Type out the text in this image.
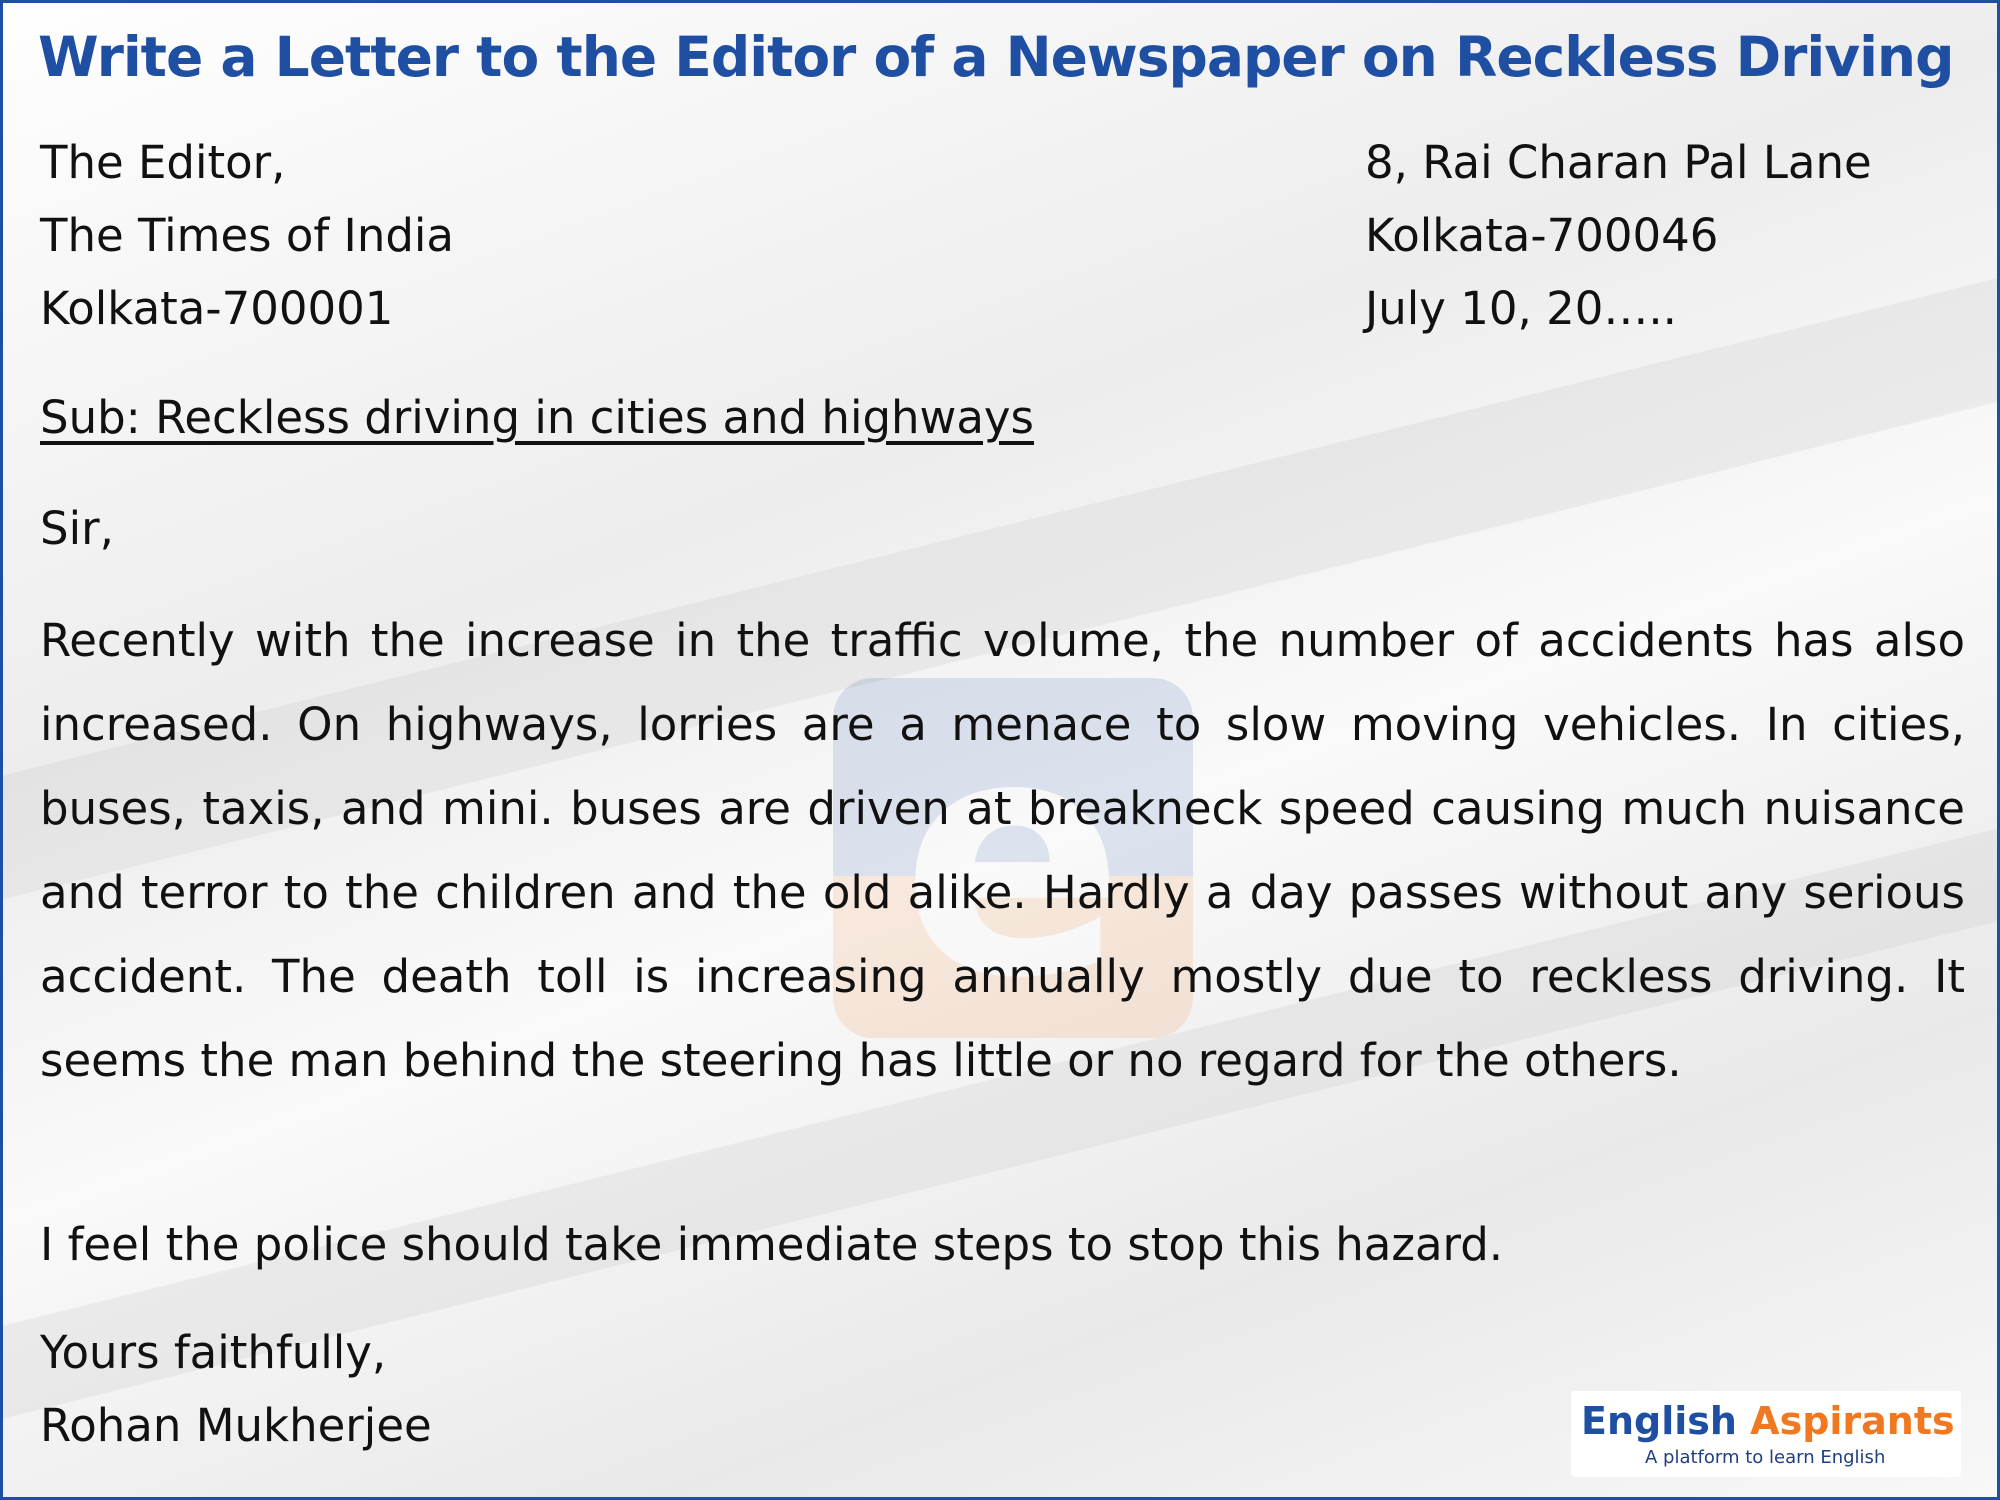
e
Write a Letter to the Editor of a Newspaper on Reckless Driving
The Editor,
The Times of India
Kolkata-700001
8, Rai Charan Pal Lane
Kolkata-700046
July 10, 20…..
Sub: Reckless driving in cities and highways
Sir,

Recently with the increase in the traffic volume, the number of accidents has also increased. On highways, lorries are a menace to slow moving vehicles. In cities, buses, taxis, and mini. buses are driven at breakneck speed causing much nuisance and terror to the children and the old alike. Hardly a day passes without any serious accident. The death toll is increasing annually mostly due to reckless driving. It seems the man behind the steering has little or no regard for the others.

I feel the police should take immediate steps to stop this hazard.
Yours faithfully,
Rohan Mukherjee	English Aspirants
A platform to learn English
